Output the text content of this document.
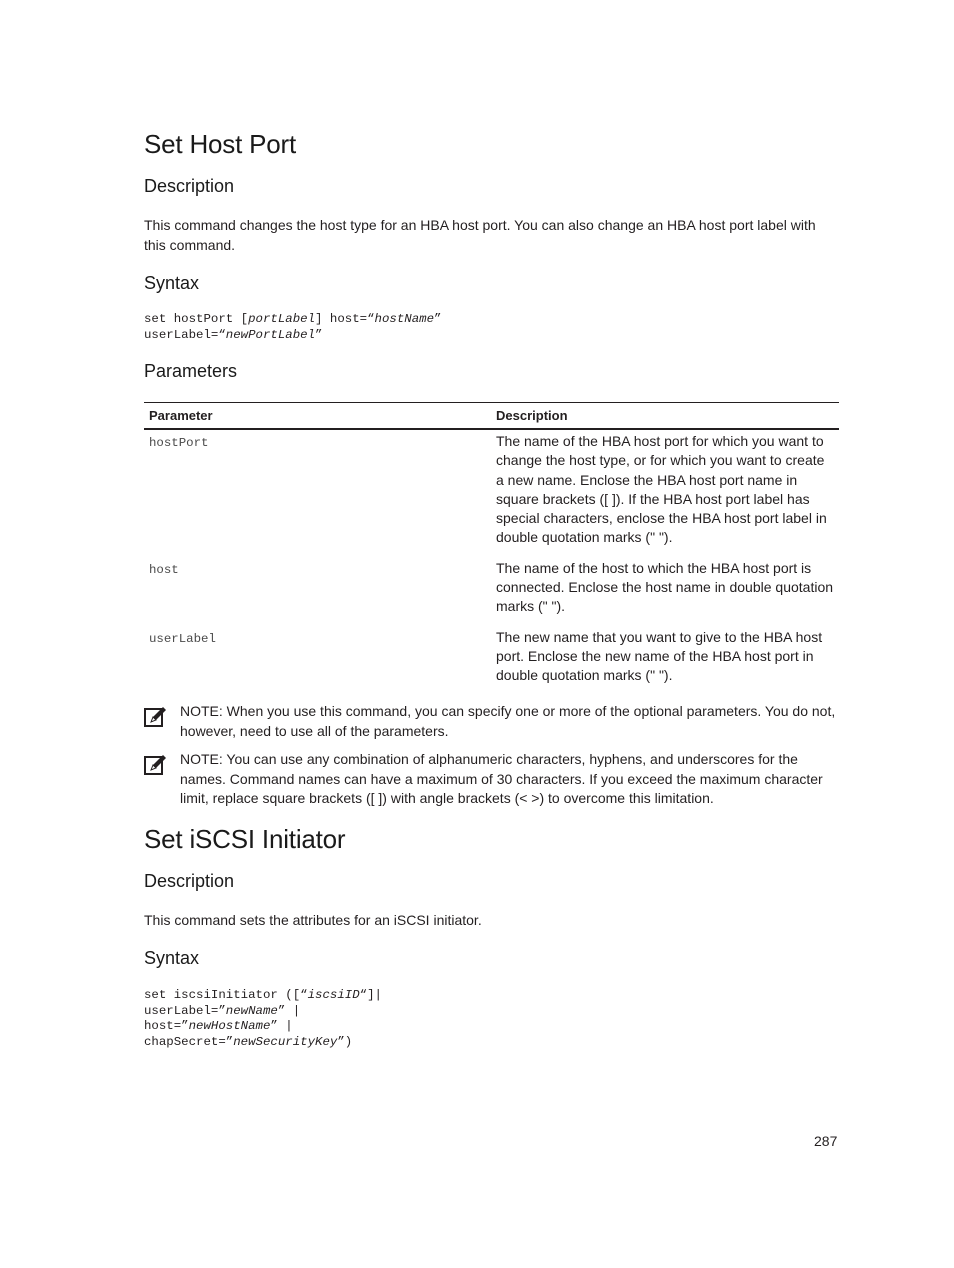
Set Host Port
Description

This command changes the host type for an HBA host port. You can also change an HBA host port label with this command.

Syntax
set hostPort [portLabel] host=“hostName”
userLabel=“newPortLabel”
Parameters
Parameter	Description
hostPort	The name of the HBA host port for which you want to change the host type, or for which you want to create a new name. Enclose the HBA host port name in square brackets ([ ]). If the HBA host port label has special characters, enclose the HBA host port label in double quotation marks (" ").
host	The name of the host to which the HBA host port is connected. Enclose the host name in double quotation marks (" ").
userLabel	The new name that you want to give to the HBA host port. Enclose the new name of the HBA host port in double quotation marks (" ").

NOTE: When you use this command, you can specify one or more of the optional parameters. You do not, however, need to use all of the parameters.

NOTE: You can use any combination of alphanumeric characters, hyphens, and underscores for the names. Command names can have a maximum of 30 characters. If you exceed the maximum character limit, replace square brackets ([ ]) with angle brackets (< >) to overcome this limitation.

Set iSCSI Initiator
Description

This command sets the attributes for an iSCSI initiator.

Syntax
set iscsiInitiator ([“iscsiID“]|
userLabel=”newName” |
host=”newHostName” |
chapSecret=”newSecurityKey”)
287
